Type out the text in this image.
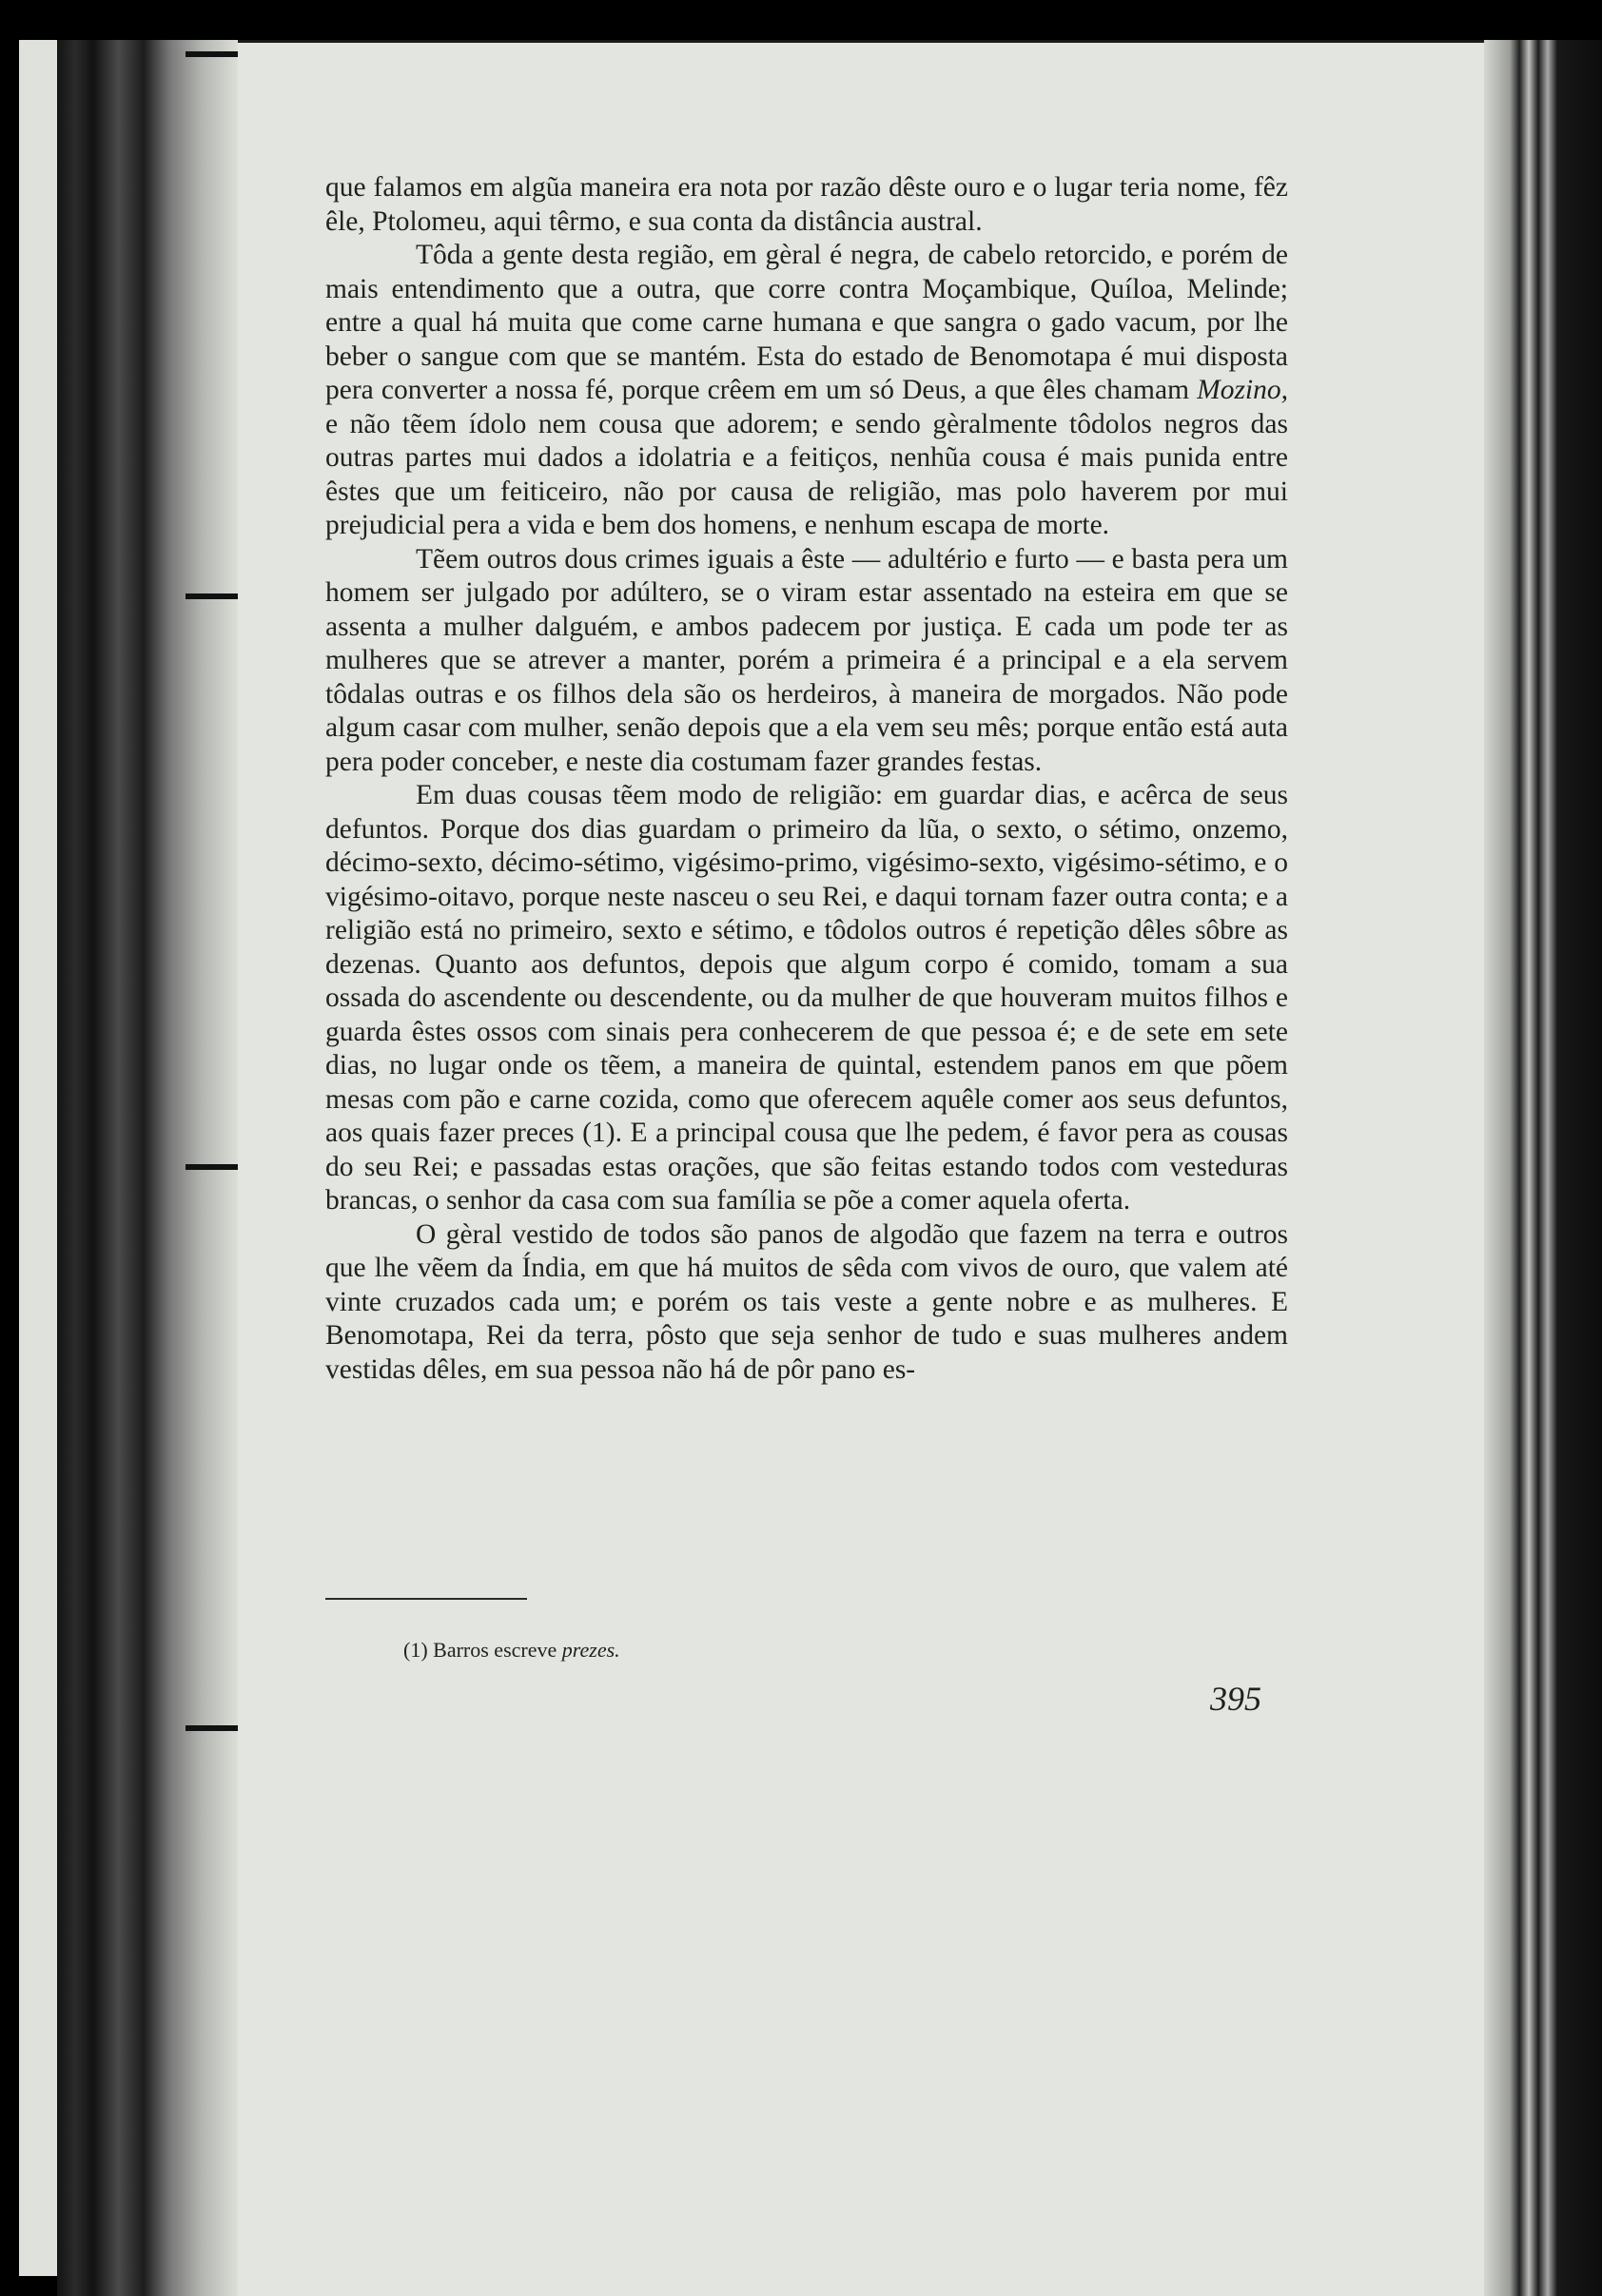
que falamos em algũa maneira era nota por razão dêste ouro e o lugar teria nome, fêz êle, Ptolomeu, aqui têrmo, e sua conta da distância austral.

Tôda a gente desta região, em gèral é negra, de cabelo retorcido, e porém de mais entendimento que a outra, que corre contra Moçambique, Quíloa, Melinde; entre a qual há muita que come carne humana e que sangra o gado vacum, por lhe beber o sangue com que se mantém. Esta do estado de Benomotapa é mui disposta pera converter a nossa fé, porque crêem em um só Deus, a que êles chamam Mozino, e não tẽem ídolo nem cousa que adorem; e sendo gèralmente tôdolos negros das outras partes mui dados a idolatria e a feitiços, nenhũa cousa é mais punida entre êstes que um feiticeiro, não por causa de religião, mas polo haverem por mui prejudicial pera a vida e bem dos homens, e nenhum escapa de morte.

Tẽem outros dous crimes iguais a êste — adultério e furto — e basta pera um homem ser julgado por adúltero, se o viram estar assentado na esteira em que se assenta a mulher dalguém, e ambos padecem por justiça. E cada um pode ter as mulheres que se atrever a manter, porém a primeira é a principal e a ela servem tôdalas outras e os filhos dela são os herdeiros, à maneira de morgados. Não pode algum casar com mulher, senão depois que a ela vem seu mês; porque então está auta pera poder conceber, e neste dia costumam fazer grandes festas.

Em duas cousas tẽem modo de religião: em guardar dias, e acêrca de seus defuntos. Porque dos dias guardam o primeiro da lũa, o sexto, o sétimo, onzemo, décimo-sexto, décimo-sétimo, vigésimo-primo, vigésimo-sexto, vigésimo-sétimo, e o vigésimo-oitavo, porque neste nasceu o seu Rei, e daqui tornam fazer outra conta; e a religião está no primeiro, sexto e sétimo, e tôdolos outros é repetição dêles sôbre as dezenas. Quanto aos defuntos, depois que algum corpo é comido, tomam a sua ossada do ascendente ou descendente, ou da mulher de que houveram muitos filhos e guarda êstes ossos com sinais pera conhecerem de que pessoa é; e de sete em sete dias, no lugar onde os tẽem, a maneira de quintal, estendem panos em que põem mesas com pão e carne cozida, como que oferecem aquêle comer aos seus defuntos, aos quais fazer preces (1). E a principal cousa que lhe pedem, é favor pera as cousas do seu Rei; e passadas estas orações, que são feitas estando todos com vesteduras brancas, o senhor da casa com sua família se põe a comer aquela oferta.

O gèral vestido de todos são panos de algodão que fazem na terra e outros que lhe vẽem da Índia, em que há muitos de sêda com vivos de ouro, que valem até vinte cruzados cada um; e porém os tais veste a gente nobre e as mulheres. E Benomotapa, Rei da terra, pôsto que seja senhor de tudo e suas mulheres andem vestidas dêles, em sua pessoa não há de pôr pano es-

(1) Barros escreve prezes.
395
